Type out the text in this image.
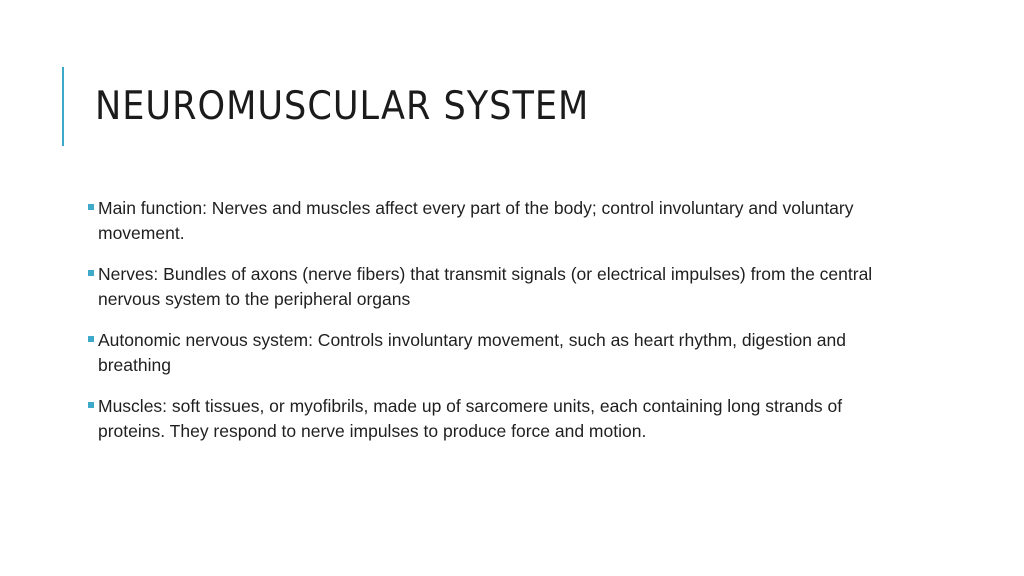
NEUROMUSCULAR SYSTEM
Main function: Nerves and muscles affect every part of the body; control involuntary and voluntary movement.
Nerves: Bundles of axons (nerve fibers) that transmit signals (or electrical impulses) from the central nervous system to the peripheral organs
Autonomic nervous system: Controls involuntary movement, such as heart rhythm, digestion and breathing
Muscles: soft tissues, or myofibrils, made up of sarcomere units, each containing long strands of proteins. They respond to nerve impulses to produce force and motion.
